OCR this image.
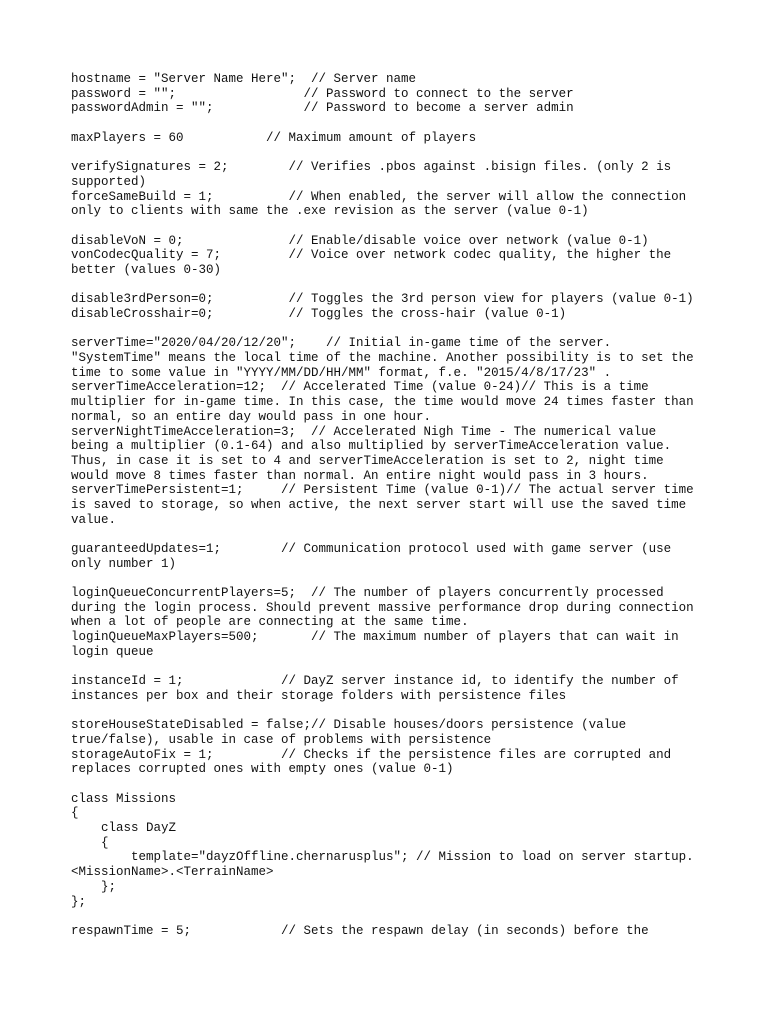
hostname = "Server Name Here";  // Server name
password = "";                 // Password to connect to the server
passwordAdmin = "";            // Password to become a server admin
maxPlayers = 60           // Maximum amount of players
verifySignatures = 2;        // Verifies .pbos against .bisign files. (only 2 is
supported)
forceSameBuild = 1;          // When enabled, the server will allow the connection
only to clients with same the .exe revision as the server (value 0-1)
disableVoN = 0;              // Enable/disable voice over network (value 0-1)
vonCodecQuality = 7;         // Voice over network codec quality, the higher the
better (values 0-30)
disable3rdPerson=0;          // Toggles the 3rd person view for players (value 0-1)
disableCrosshair=0;          // Toggles the cross-hair (value 0-1)
serverTime="2020/04/20/12/20";    // Initial in-game time of the server.
"SystemTime" means the local time of the machine. Another possibility is to set the
time to some value in "YYYY/MM/DD/HH/MM" format, f.e. "2015/4/8/17/23" .
serverTimeAcceleration=12;  // Accelerated Time (value 0-24)// This is a time
multiplier for in-game time. In this case, the time would move 24 times faster than
normal, so an entire day would pass in one hour.
serverNightTimeAcceleration=3;  // Accelerated Nigh Time - The numerical value
being a multiplier (0.1-64) and also multiplied by serverTimeAcceleration value.
Thus, in case it is set to 4 and serverTimeAcceleration is set to 2, night time
would move 8 times faster than normal. An entire night would pass in 3 hours.
serverTimePersistent=1;     // Persistent Time (value 0-1)// The actual server time
is saved to storage, so when active, the next server start will use the saved time
value.
guaranteedUpdates=1;        // Communication protocol used with game server (use
only number 1)
loginQueueConcurrentPlayers=5;  // The number of players concurrently processed
during the login process. Should prevent massive performance drop during connection
when a lot of people are connecting at the same time.
loginQueueMaxPlayers=500;       // The maximum number of players that can wait in
login queue
instanceId = 1;             // DayZ server instance id, to identify the number of
instances per box and their storage folders with persistence files
storeHouseStateDisabled = false;// Disable houses/doors persistence (value
true/false), usable in case of problems with persistence
storageAutoFix = 1;         // Checks if the persistence files are corrupted and
replaces corrupted ones with empty ones (value 0-1)
class Missions
{
class DayZ
{
template="dayzOffline.chernarusplus"; // Mission to load on server startup.
<MissionName>.<TerrainName>
};
};
respawnTime = 5;            // Sets the respawn delay (in seconds) before the
